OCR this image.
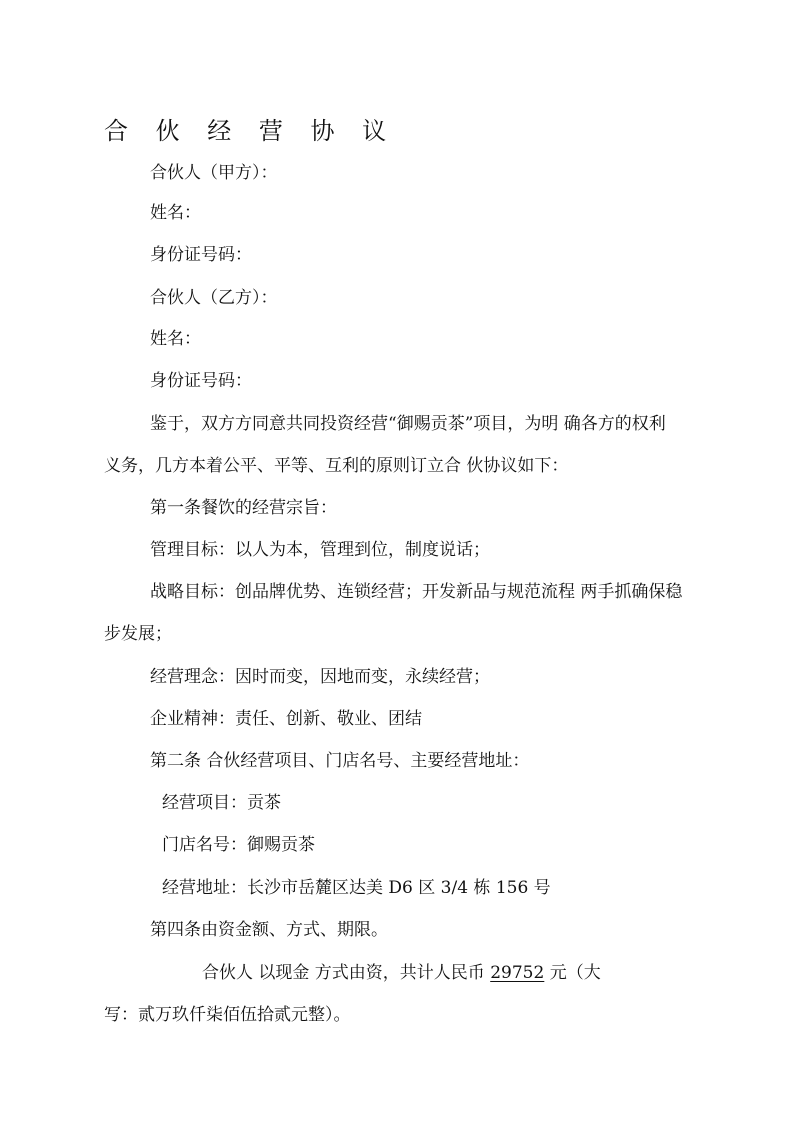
合 伙 经 营 协 议
合伙人（甲方）：
姓名：
身份证号码：
合伙人（乙方）：
姓名：
身份证号码：
鉴于，双方方同意共同投资经营“御赐贡茶”项目，为明 确各方的权利
义务，几方本着公平、平等、互利的原则订立合 伙协议如下：
第一条餐饮的经营宗旨：
管理目标：以人为本，管理到位，制度说话；
战略目标：创品牌优势、连锁经营；开发新品与规范流程 两手抓确保稳
步发展；
经营理念：因时而变，因地而变，永续经营；
企业精神：责任、创新、敬业、团结
第二条 合伙经营项目、门店名号、主要经营地址：
经营项目：贡茶
门店名号：御赐贡茶
经营地址：长沙市岳麓区达美 D6 区 3/4 栋 156 号
第四条由资金额、方式、期限。
合伙人 以现金 方式由资，共计人民币 29752 元（大
写：贰万玖仟柒佰伍拾贰元整）。
